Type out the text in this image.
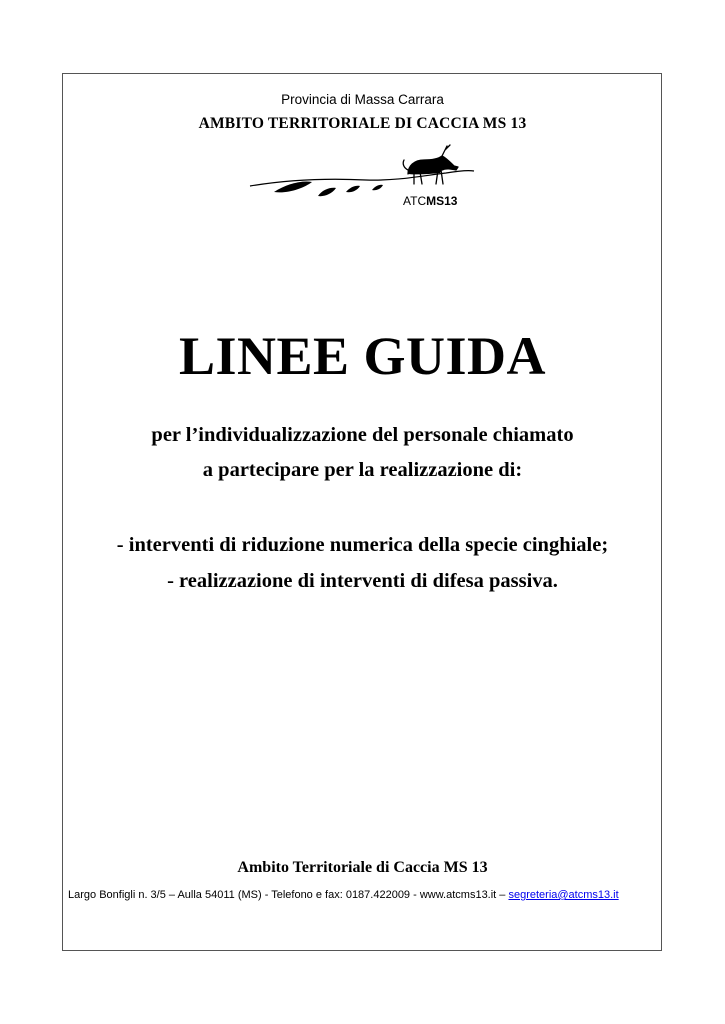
Provincia di Massa Carrara
AMBITO TERRITORIALE DI CACCIA MS 13
ATCMS13
LINEE GUIDA
per l’individualizzazione del personale chiamato
a partecipare per la realizzazione di:
- interventi di riduzione numerica della specie cinghiale;
- realizzazione di interventi di difesa passiva.
Ambito Territoriale di Caccia MS 13
Largo Bonfigli n. 3/5 – Aulla 54011 (MS) - Telefono e fax: 0187.422009 - www.atcms13.it – segreteria@atcms13.it
